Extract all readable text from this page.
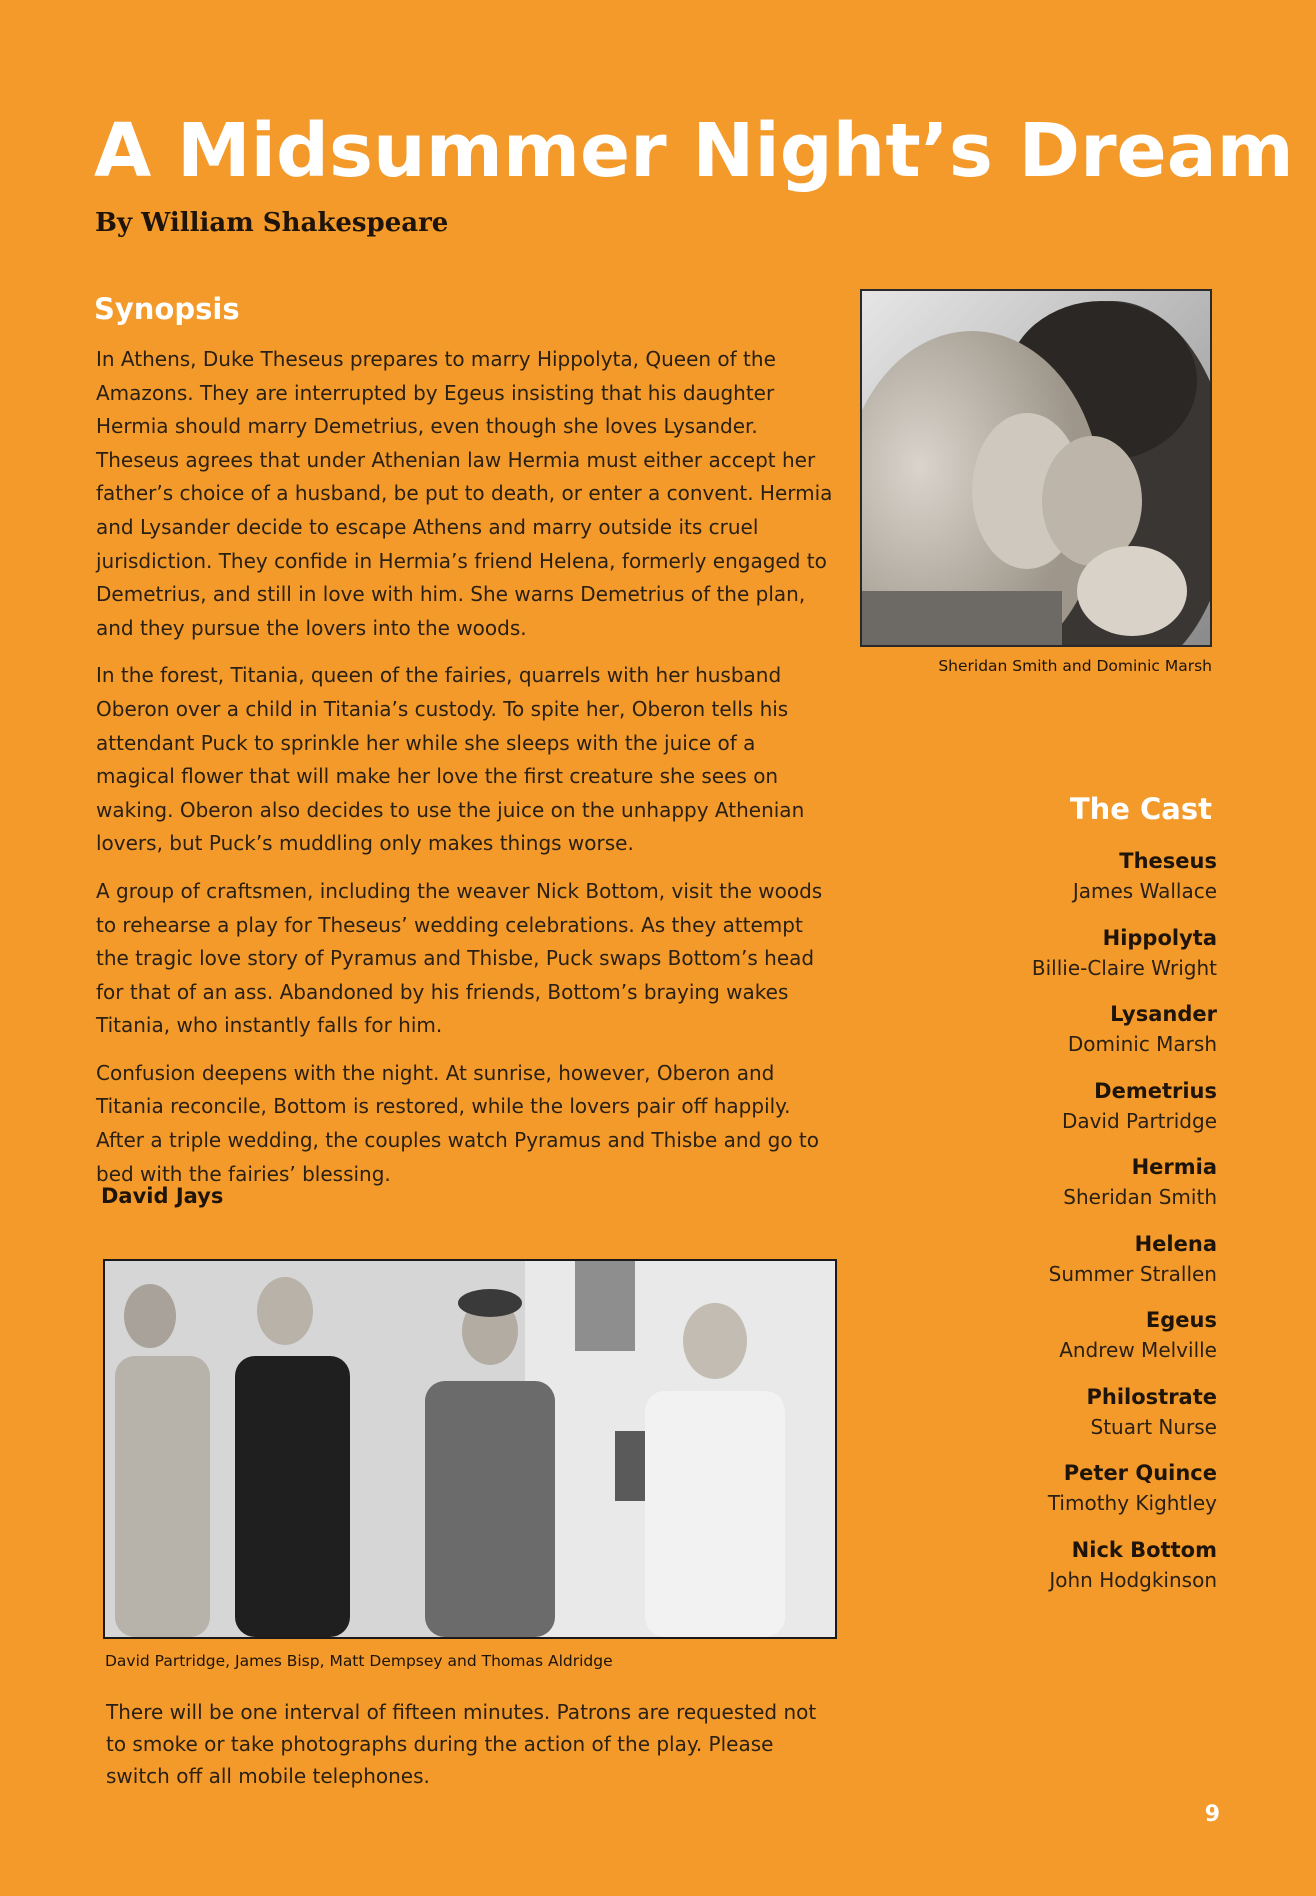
A Midsummer Night’s Dream
By William Shakespeare
Synopsis

In Athens, Duke Theseus prepares to marry Hippolyta, Queen of the Amazons. They are interrupted by Egeus insisting that his daughter Hermia should marry Demetrius, even though she loves Lysander. Theseus agrees that under Athenian law Hermia must either accept her father’s choice of a husband, be put to death, or enter a convent. Hermia and Lysander decide to escape Athens and marry outside its cruel jurisdiction. They confide in Hermia’s friend Helena, formerly engaged to Demetrius, and still in love with him. She warns Demetrius of the plan, and they pursue the lovers into the woods.

In the forest, Titania, queen of the fairies, quarrels with her husband Oberon over a child in Titania’s custody. To spite her, Oberon tells his attendant Puck to sprinkle her while she sleeps with the juice of a magical flower that will make her love the first creature she sees on waking. Oberon also decides to use the juice on the unhappy Athenian lovers, but Puck’s muddling only makes things worse.

A group of craftsmen, including the weaver Nick Bottom, visit the woods to rehearse a play for Theseus’ wedding celebrations. As they attempt the tragic love story of Pyramus and Thisbe, Puck swaps Bottom’s head for that of an ass. Abandoned by his friends, Bottom’s braying wakes Titania, who instantly falls for him.

Confusion deepens with the night. At sunrise, however, Oberon and Titania reconcile, Bottom is restored, while the lovers pair off happily. After a triple wedding, the couples watch Pyramus and Thisbe and go to bed with the fairies’ blessing.

David Jays
Sheridan Smith and Dominic Marsh
David Partridge, James Bisp, Matt Dempsey and Thomas Aldridge
There will be one interval of fifteen minutes. Patrons are requested not to smoke or take photographs during the action of the play. Please switch off all mobile telephones.
The Cast
Theseus
James Wallace
Hippolyta
Billie-Claire Wright
Lysander
Dominic Marsh
Demetrius
David Partridge
Hermia
Sheridan Smith
Helena
Summer Strallen
Egeus
Andrew Melville
Philostrate
Stuart Nurse
Peter Quince
Timothy Kightley
Nick Bottom
John Hodgkinson
9
